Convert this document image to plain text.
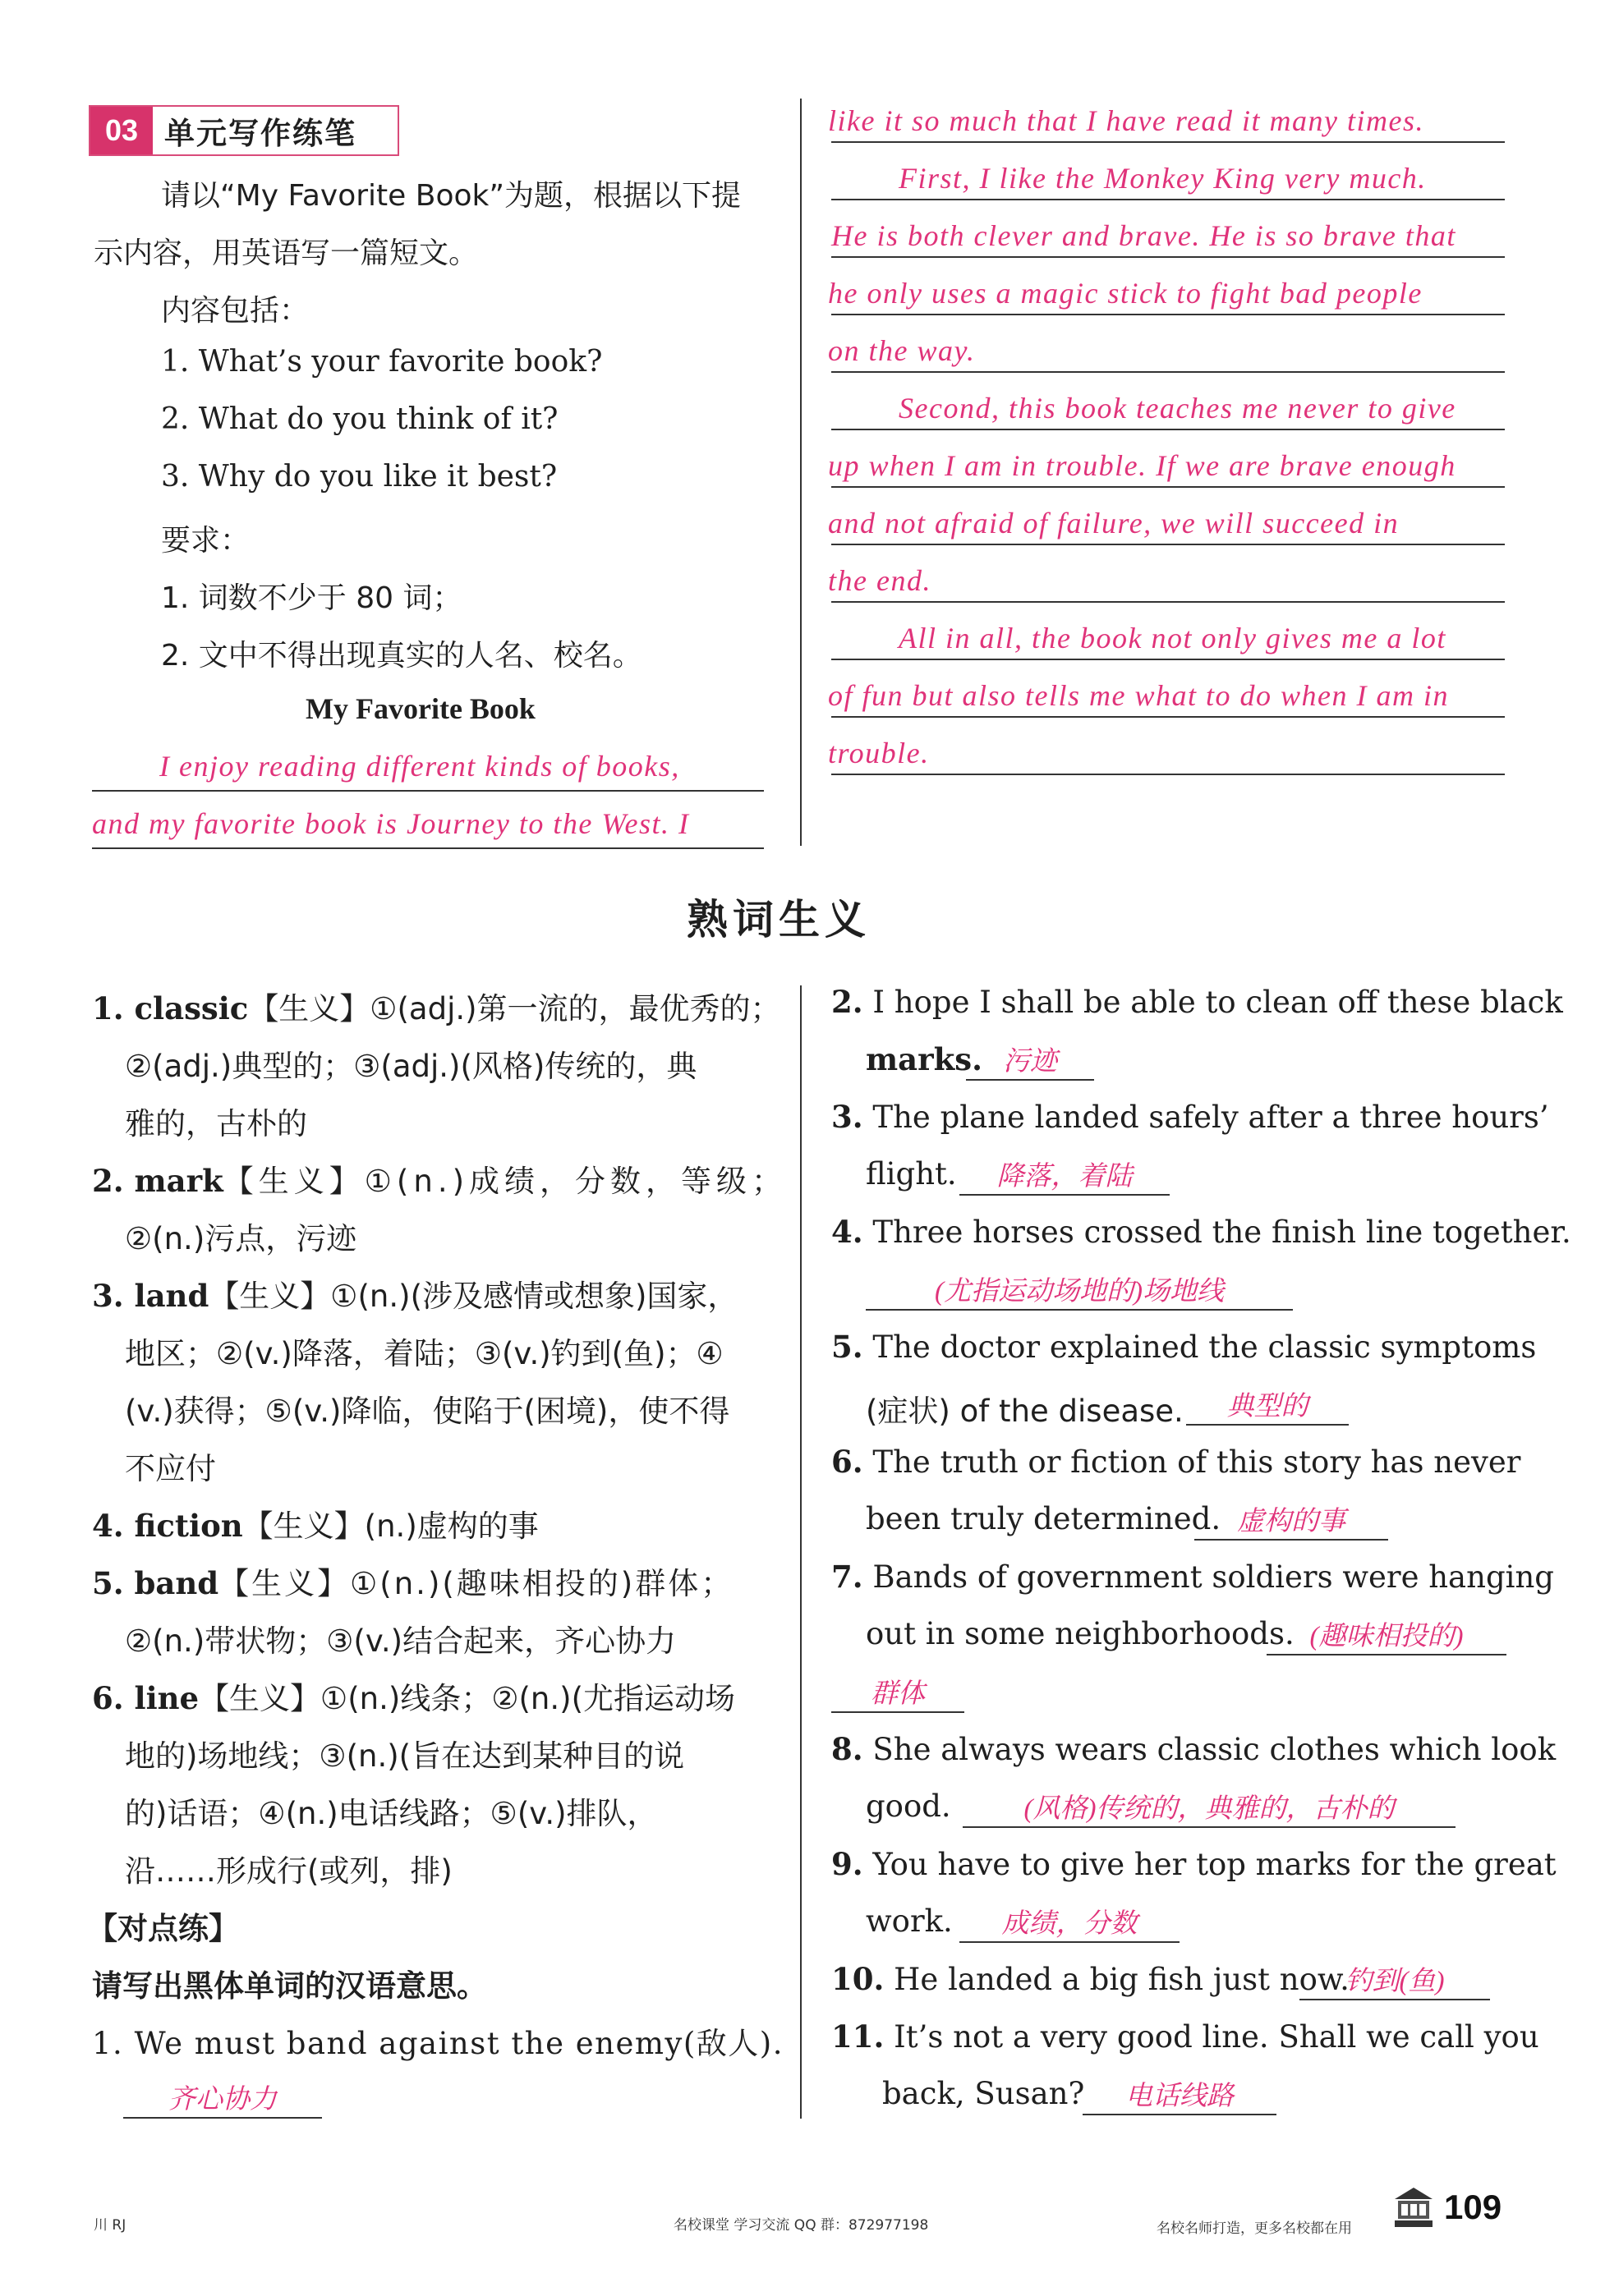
03 单元写作练笔
请以“My Favorite Book”为题，根据以下提
示内容，用英语写一篇短文。
内容包括：
1. What’s your favorite book?
2. What do you think of it?
3. Why do you like it best?
要求：
1. 词数不少于 80 词；
2. 文中不得出现真实的人名、校名。
My Favorite Book
I enjoy reading different kinds of books,
and my favorite book is Journey to the West. I
like it so much that I have read it many times.
First, I like the Monkey King very much.
He is both clever and brave. He is so brave that
he only uses a magic stick to fight bad people
on the way.
Second, this book teaches me never to give
up when I am in trouble. If we are brave enough
and not afraid of failure, we will succeed in
the end.
All in all, the book not only gives me a lot
of fun but also tells me what to do when I am in
trouble.
熟词生义
1. classic【生义】①(adj.)第一流的，最优秀的；
②(adj.)典型的；③(adj.)(风格)传统的，典
雅的，古朴的
2. mark【生义】①(n.)成绩，分数，等级；
②(n.)污点，污迹
3. land【生义】①(n.)(涉及感情或想象)国家，
地区；②(v.)降落，着陆；③(v.)钓到(鱼)；④
(v.)获得；⑤(v.)降临，使陷于(困境)，使不得
不应付
4. fiction【生义】(n.)虚构的事
5. band【生义】①(n.)(趣味相投的)群体；
②(n.)带状物；③(v.)结合起来，齐心协力
6. line【生义】①(n.)线条；②(n.)(尤指运动场
地的)场地线；③(n.)(旨在达到某种目的说
的)话语；④(n.)电话线路；⑤(v.)排队，
沿……形成行(或列，排)
【对点练】
请写出黑体单词的汉语意思。
1. We must band against the enemy(敌人).
齐心协力
2. I hope I shall be able to clean off these black
marks. 污迹
3. The plane landed safely after a three hours’
flight.	降落，着陆
4. Three horses crossed the finish line together.
(尤指运动场地的)场地线
5. The doctor explained the classic symptoms
(症状) of the disease.	典型的
6. The truth or fiction of this story has never
been truly determined. 虚构的事
7. Bands of government soldiers were hanging
out in some neighborhoods. (趣味相投的)
群体
8. She always wears classic clothes which look
good.	(风格)传统的，典雅的，古朴的
9. You have to give her top marks for the great
work.	成绩，分数
10. He landed a big fish just now.
钓到(鱼)
11. It’s not a very good line. Shall we call you
back, Susan?	电话线路
川 RJ	名校课堂 学习交流 QQ 群：872977198	名校名师打造，更多名校都在用
109
